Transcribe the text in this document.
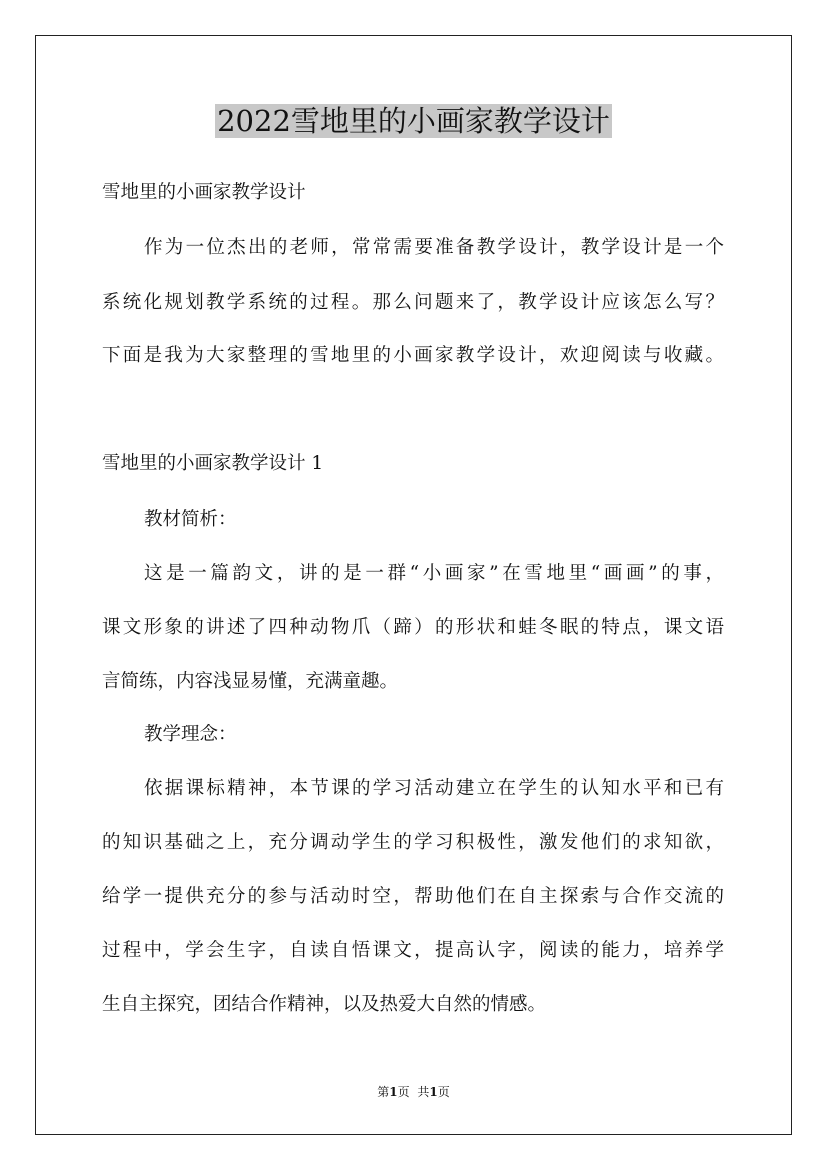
2022雪地里的小画家教学设计
雪地里的小画家教学设计
作为一位杰出的老师，常常需要准备教学设计，教学设计是一个
系统化规划教学系统的过程。那么问题来了，教学设计应该怎么写？
下面是我为大家整理的雪地里的小画家教学设计，欢迎阅读与收藏。
雪地里的小画家教学设计 1
教材简析：
这是一篇韵文，讲的是一群“小画家”在雪地里“画画”的事，
课文形象的讲述了四种动物爪（蹄）的形状和蛙冬眠的特点，课文语
言简练，内容浅显易懂，充满童趣。
教学理念：
依据课标精神，本节课的学习活动建立在学生的认知水平和已有
的知识基础之上，充分调动学生的学习积极性，激发他们的求知欲，
给学一提供充分的参与活动时空，帮助他们在自主探索与合作交流的
过程中，学会生字，自读自悟课文，提高认字，阅读的能力，培养学
生自主探究，团结合作精神，以及热爱大自然的情感。
第1页 共1页
